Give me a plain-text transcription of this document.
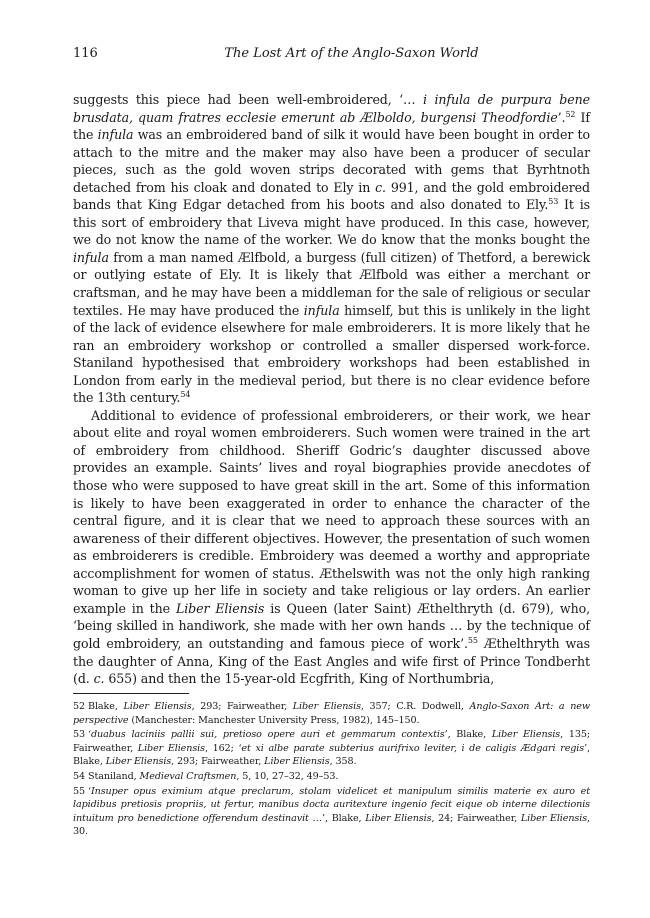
116	The Lost Art of the Anglo-Saxon World

suggests this piece had been well-embroidered, ‘… i infula de purpura bene brusdata, quam fratres ecclesie emerunt ab Ælboldo, burgensi Theodfordie’.$^{52}$ If the infula was an embroidered band of silk it would have been bought in order to attach to the mitre and the maker may also have been a producer of secular pieces, such as the gold woven strips decorated with gems that Byrhtnoth detached from his cloak and donated to Ely in c. 991, and the gold embroidered bands that King Edgar detached from his boots and also donated to Ely.$^{53}$ It is this sort of embroidery that Liveva might have produced. In this case, however, we do not know the name of the worker. We do know that the monks bought the infula from a man named Ælfbold, a burgess (full citizen) of Thetford, a berewick or outlying estate of Ely. It is likely that Ælfbold was either a merchant or craftsman, and he may have been a middleman for the sale of religious or secular textiles. He may have produced the infula himself, but this is unlikely in the light of the lack of evidence elsewhere for male embroiderers. It is more likely that he ran an embroidery workshop or controlled a smaller dispersed work-force. Staniland hypothesised that embroidery workshops had been established in London from early in the medieval period, but there is no clear evidence before the 13th century.$^{54}$

Additional to evidence of professional embroiderers, or their work, we hear about elite and royal women embroiderers. Such women were trained in the art of embroidery from childhood. Sheriff Godric’s daughter discussed above provides an example. Saints’ lives and royal biographies provide anecdotes of those who were supposed to have great skill in the art. Some of this information is likely to have been exaggerated in order to enhance the character of the central figure, and it is clear that we need to approach these sources with an awareness of their different objectives. However, the presentation of such women as embroiderers is credible. Embroidery was deemed a worthy and appropriate accomplishment for women of status. Æthelswith was not the only high ranking woman to give up her life in society and take religious or lay orders. An earlier example in the Liber Eliensis is Queen (later Saint) Æthelthryth (d. 679), who, ‘being skilled in handiwork, she made with her own hands … by the technique of gold embroidery, an outstanding and famous piece of work’.$^{55}$ Æthelthryth was the daughter of Anna, King of the East Angles and wife first of Prince Tondberht (d. c. 655) and then the 15-year-old Ecgfrith, King of Northumbria,

52 Blake, Liber Eliensis, 293; Fairweather, Liber Eliensis, 357; C.R. Dodwell, Anglo-Saxon Art: a new perspective (Manchester: Manchester University Press, 1982), 145–150.

53 ‘duabus laciniis pallii sui, pretioso opere auri et gemmarum contextis’, Blake, Liber Eliensis, 135; Fairweather, Liber Eliensis, 162; ‘et xi albe parate subterius aurifrixo leviter, i de caligis Ædgari regis’, Blake, Liber Eliensis, 293; Fairweather, Liber Eliensis, 358.

54 Staniland, Medieval Craftsmen, 5, 10, 27–32, 49–53.

55 ‘Insuper opus eximium atque preclarum, stolam videlicet et manipulum similis materie ex auro et lapidibus pretiosis propriis, ut fertur, manibus docta auritexture ingenio fecit eique ob interne dilectionis intuitum pro benedictione offerendum destinavit …’, Blake, Liber Eliensis, 24; Fairweather, Liber Eliensis, 30.
